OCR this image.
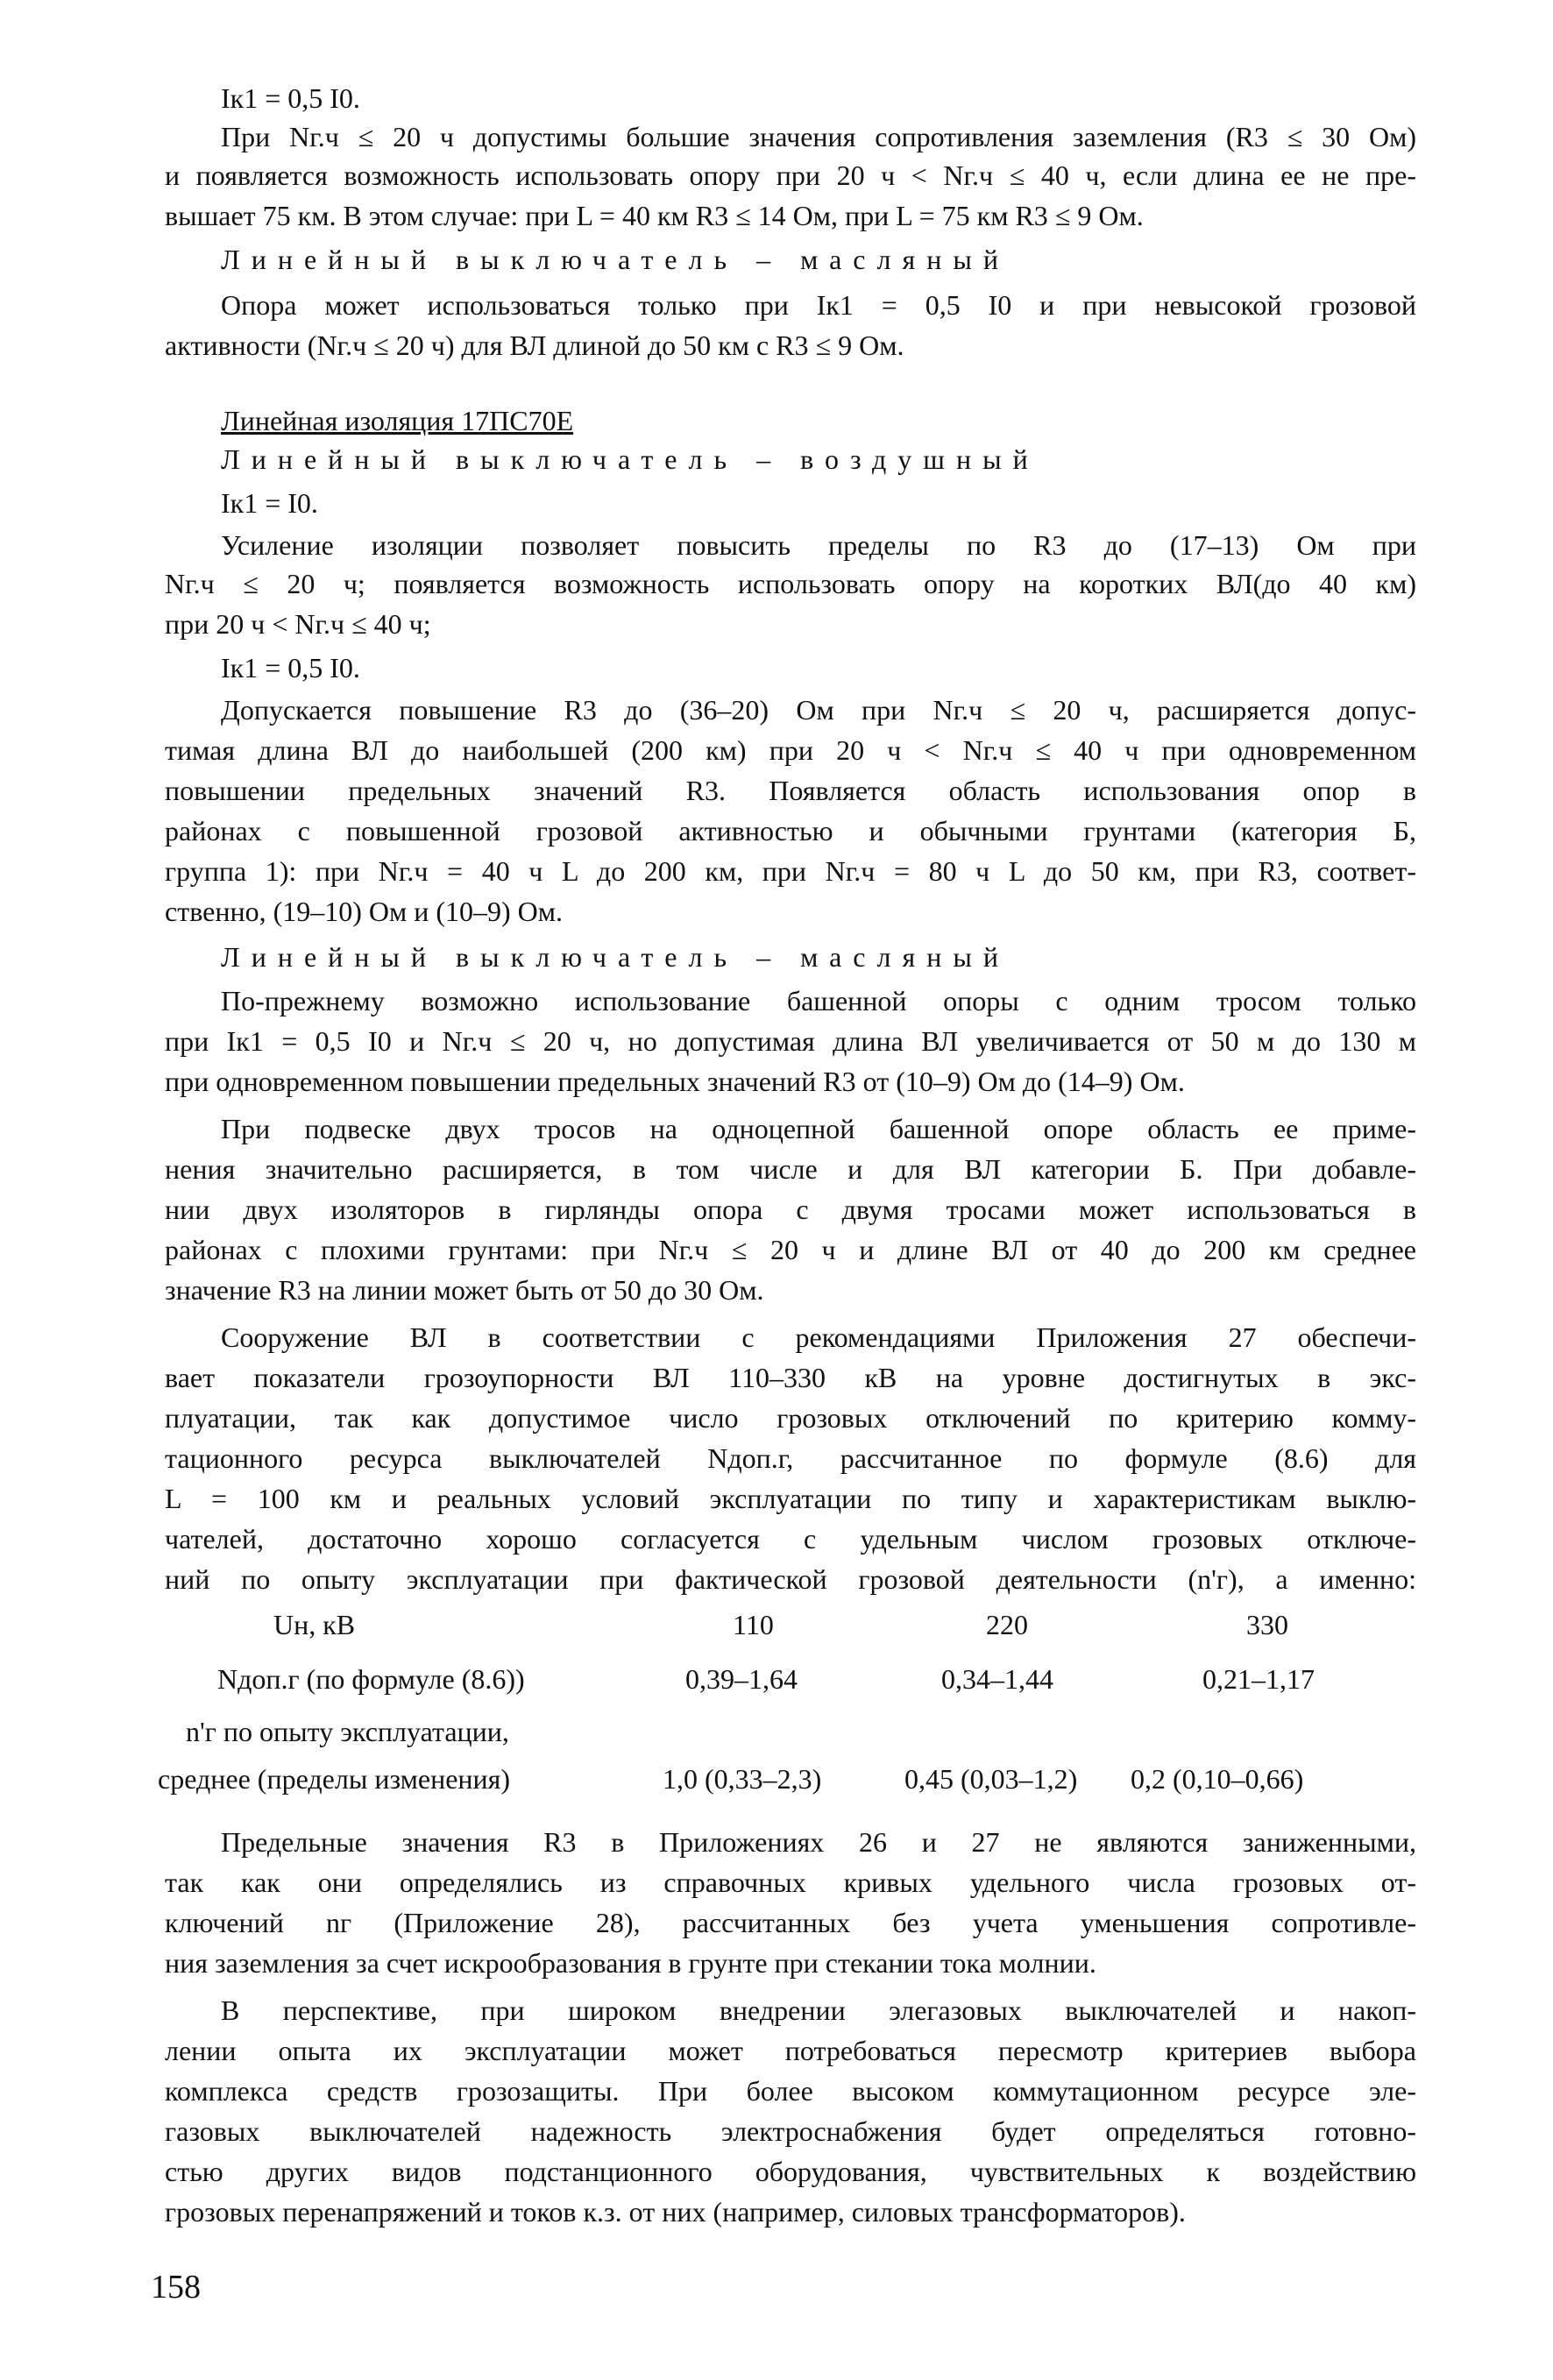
Iк1 = 0,5 I0.
При Nг.ч ≤ 20 ч допустимы большие значения сопротивления заземления (R3 ≤ 30 Ом)
и появляется возможность использовать опору при 20 ч < Nг.ч ≤ 40 ч, если длина ее не пре-
вышает 75 км. В этом случае: при L = 40 км R3 ≤ 14 Ом, при L = 75 км R3 ≤ 9 Ом.
Линейный выключатель – масляный
Опора может использоваться только при Iк1 = 0,5 I0 и при невысокой грозовой
активности (Nг.ч ≤ 20 ч) для ВЛ длиной до 50 км с R3 ≤ 9 Ом.
Линейная изоляция 17ПС70Е
Линейный выключатель – воздушный
Iк1 = I0.
Усиление изоляции позволяет повысить пределы по R3 до (17–13) Ом при
Nг.ч ≤ 20 ч; появляется возможность использовать опору на коротких ВЛ(до 40 км)
при 20 ч < Nг.ч ≤ 40 ч;
Iк1 = 0,5 I0.
Допускается повышение R3 до (36–20) Ом при Nг.ч ≤ 20 ч, расширяется допус-
тимая длина ВЛ до наибольшей (200 км) при 20 ч < Nг.ч ≤ 40 ч при одновременном
повышении предельных значений R3. Появляется область использования опор в
районах с повышенной грозовой активностью и обычными грунтами (категория Б,
группа 1): при Nг.ч = 40 ч L до 200 км, при Nг.ч = 80 ч L до 50 км, при R3, соответ-
ственно, (19–10) Ом и (10–9) Ом.
Линейный выключатель – масляный
По-прежнему возможно использование башенной опоры с одним тросом только
при Iк1 = 0,5 I0 и Nг.ч ≤ 20 ч, но допустимая длина ВЛ увеличивается от 50 м до 130 м
при одновременном повышении предельных значений R3 от (10–9) Ом до (14–9) Ом.
При подвеске двух тросов на одноцепной башенной опоре область ее приме-
нения значительно расширяется, в том числе и для ВЛ категории Б. При добавле-
нии двух изоляторов в гирлянды опора с двумя тросами может использоваться в
районах с плохими грунтами: при Nг.ч ≤ 20 ч и длине ВЛ от 40 до 200 км среднее
значение R3 на линии может быть от 50 до 30 Ом.
Сооружение ВЛ в соответствии с рекомендациями Приложения 27 обеспечи-
вает показатели грозоупорности ВЛ 110–330 кВ на уровне достигнутых в экс-
плуатации, так как допустимое число грозовых отключений по критерию комму-
тационного ресурса выключателей Nдоп.г, рассчитанное по формуле (8.6) для
L = 100 км и реальных условий эксплуатации по типу и характеристикам выклю-
чателей, достаточно хорошо согласуется с удельным числом грозовых отключе-
ний по опыту эксплуатации при фактической грозовой деятельности (n'г), а именно:
Uн, кВ	110	220	330
Nдоп.г (по формуле (8.6))	0,39–1,64	0,34–1,44	0,21–1,17
n'г по опыту эксплуатации,
среднее (пределы изменения)	1,0 (0,33–2,3)	0,45 (0,03–1,2) 0,2 (0,10–0,66)
Предельные значения R3 в Приложениях 26 и 27 не являются заниженными,
так как они определялись из справочных кривых удельного числа грозовых от-
ключений nг (Приложение 28), рассчитанных без учета уменьшения сопротивле-
ния заземления за счет искрообразования в грунте при стекании тока молнии.
В перспективе, при широком внедрении элегазовых выключателей и накоп-
лении опыта их эксплуатации может потребоваться пересмотр критериев выбора
комплекса средств грозозащиты. При более высоком коммутационном ресурсе эле-
газовых выключателей надежность электроснабжения будет определяться готовно-
стью других видов подстанционного оборудования, чувствительных к воздействию
грозовых перенапряжений и токов к.з. от них (например, силовых трансформаторов).
158
